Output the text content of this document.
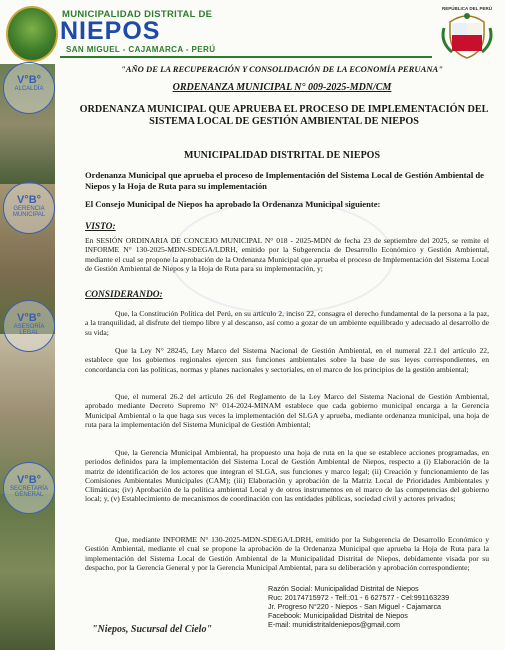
MUNICIPALIDAD DISTRITAL DE
NIEPOS
SAN MIGUEL - CAJAMARCA - PERÚ
REPÚBLICA DEL PERÚ
V°B°
ALCALDÍA
V°B°
GERENCIA MUNICIPAL
V°B°
ASESORÍA LEGAL
V°B°
SECRETARÍA GENERAL
"AÑO DE LA RECUPERACIÓN Y CONSOLIDACIÓN DE LA ECONOMÍA PERUANA"
ORDENANZA MUNICIPAL N° 009-2025-MDN/CM
ORDENANZA MUNICIPAL QUE APRUEBA EL PROCESO DE IMPLEMENTACIÓN DEL SISTEMA LOCAL DE GESTIÓN AMBIENTAL DE NIEPOS
MUNICIPALIDAD DISTRITAL DE NIEPOS
Ordenanza Municipal que aprueba el proceso de Implementación del Sistema Local de Gestión Ambiental de Niepos y la Hoja de Ruta para su implementación
El Consejo Municipal de Niepos ha aprobado la Ordenanza Municipal siguiente:
VISTO:
En SESIÓN ORDINARIA DE CONCEJO MUNICIPAL N° 018 - 2025-MDN de fecha 23 de septiembre del 2025, se remite el INFORME N° 130-2025-MDN-SDEGA/LDRH, emitido por la Subgerencia de Desarrollo Económico y Gestión Ambiental, mediante el cual se propone la aprobación de la Ordenanza Municipal que aprueba el proceso de Implementación del Sistema Local de Gestión Ambiental de Niepos y la Hoja de Ruta para su implementación, y;
CONSIDERANDO:
Que, la Constitución Política del Perú, en su artículo 2, inciso 22, consagra el derecho fundamental de la persona a la paz, a la tranquilidad, al disfrute del tiempo libre y al descanso, así como a gozar de un ambiente equilibrado y adecuado al desarrollo de su vida;
Que la Ley N° 28245, Ley Marco del Sistema Nacional de Gestión Ambiental, en el numeral 22.1 del artículo 22, establece que los gobiernos regionales ejercen sus funciones ambientales sobre la base de sus leyes correspondientes, en concordancia con las políticas, normas y planes nacionales y sectoriales, en el marco de los principios de la gestión ambiental;
Que, el numeral 26.2 del artículo 26 del Reglamento de la Ley Marco del Sistema Nacional de Gestión Ambiental, aprobado mediante Decreto Supremo N° 014-2024-MINAM establece que cada gobierno municipal encarga a la Gerencia Municipal Ambiental o la que haga sus veces la implementación del SLGA y aprueba, mediante ordenanza municipal, una hoja de ruta para la implementación del Sistema Municipal de Gestión Ambiental;
Que, la Gerencia Municipal Ambiental, ha propuesto una hoja de ruta en la que se establece acciones programadas, en periodos definidos para la implementación del Sistema Local de Gestión Ambiental de Niepos, respecto a (i) Elaboración de la matriz de identificación de los actores que integran el SLGA, sus funciones y marco legal; (ii) Creación y funcionamiento de las Comisiones Ambientales Municipales (CAM); (iii) Elaboración y aprobación de la Matriz Local de Prioridades Ambientales y Climáticas; (iv) Aprobación de la política ambiental Local y de otros instrumentos en el marco de las competencias del gobierno local; y, (v) Establecimiento de mecanismos de coordinación con las entidades públicas, sociedad civil y actores privados;
Que, mediante INFORME N° 130-2025-MDN-SDEGA/LDRH, emitido por la Subgerencia de Desarrollo Económico y Gestión Ambiental, mediante el cual se propone la aprobación de la Ordenanza Municipal que aprueba la Hoja de Ruta para la implementación del Sistema Local de Gestión Ambiental de la Municipalidad Distrital de Niepos, debidamente visada por su despacho, por la Gerencia General y por la Gerencia Municipal Ambiental, para su deliberación y aprobación correspondiente;
"Niepos, Sucursal del Cielo"
Razón Social: Municipalidad Distrital de Niepos
Ruc: 20174715972 - Telf.:01 - 6 627577 - Cel:991163239
Jr. Progreso N°220 - Niepos - San Miguel - Cajamarca
Facebook: Municipalidad Distrital de Niepos
E-mail: munidistritaldeniepos@gmail.com
